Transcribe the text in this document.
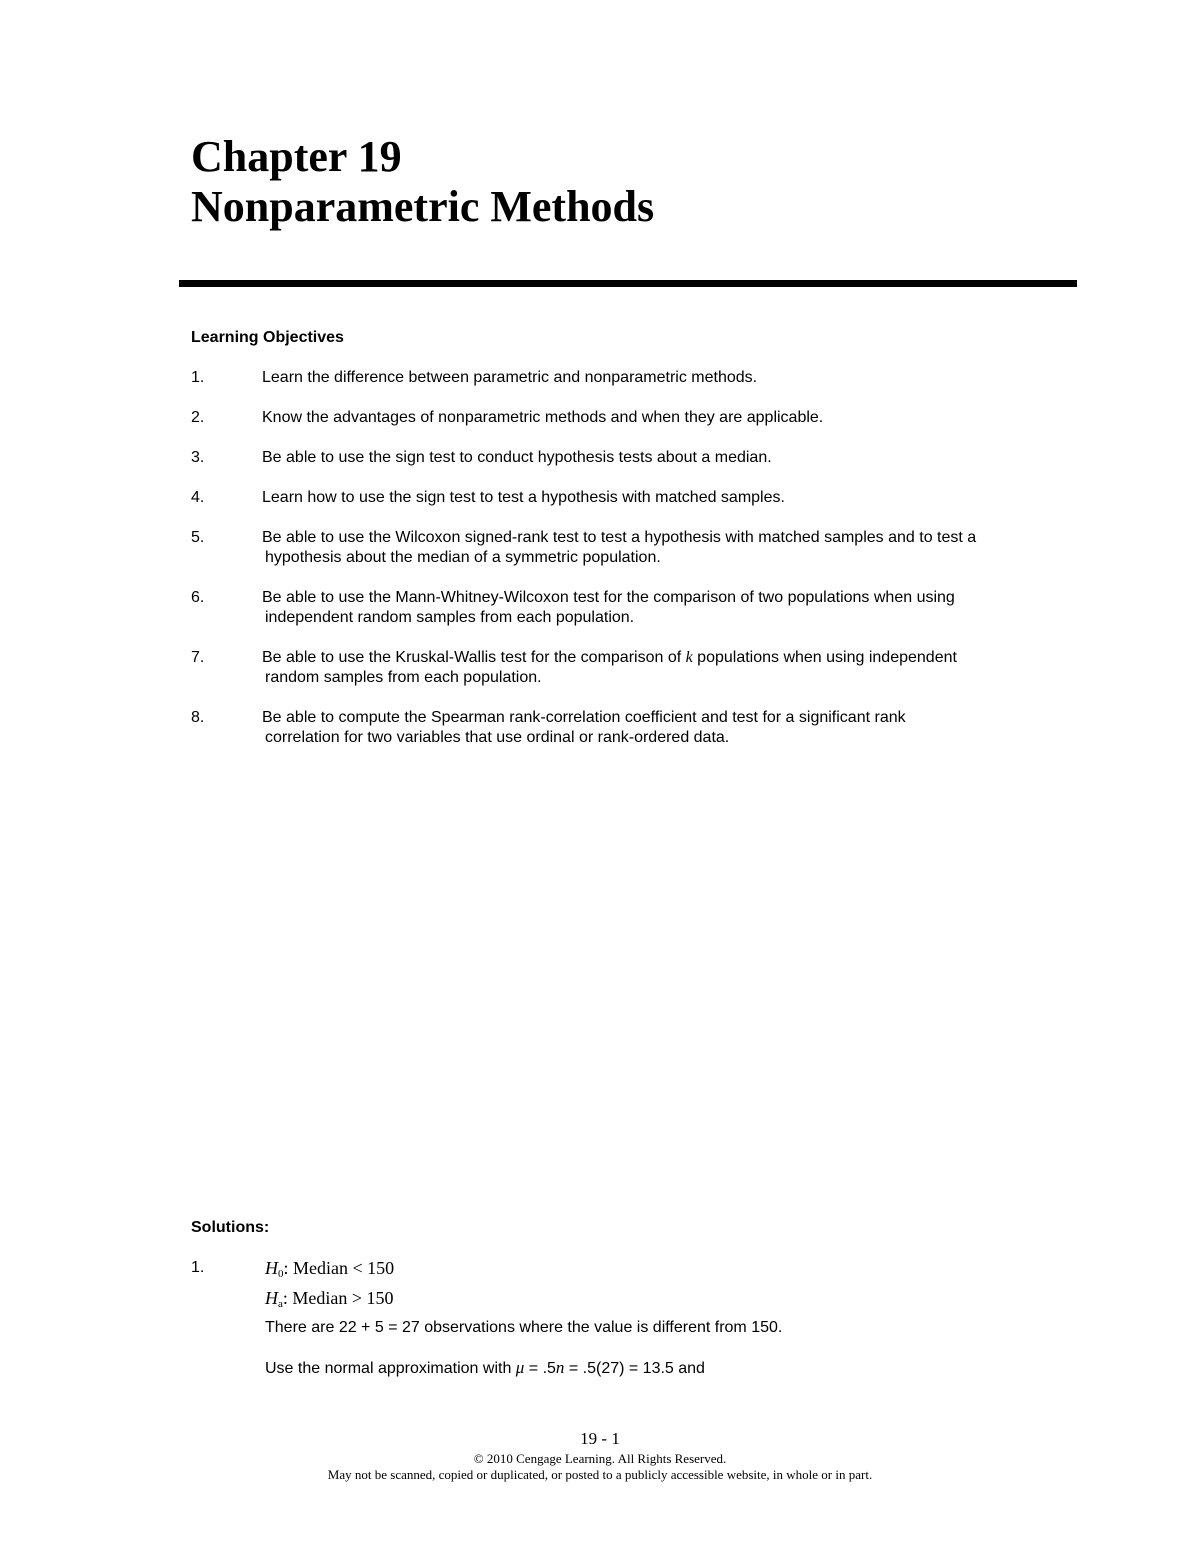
Chapter 19
Nonparametric Methods
Learning Objectives
1.	Learn the difference between parametric and nonparametric methods.
2.	Know the advantages of nonparametric methods and when they are applicable.
3.	Be able to use the sign test to conduct hypothesis tests about a median.
4.	Learn how to use the sign test to test a hypothesis with matched samples.
5.	Be able to use the Wilcoxon signed-rank test to test a hypothesis with matched samples and to test a
hypothesis about the median of a symmetric population.
6.	Be able to use the Mann-Whitney-Wilcoxon test for the comparison of two populations when using
independent random samples from each population.
7.	Be able to use the Kruskal-Wallis test for the comparison of k populations when using independent
random samples from each population.
8.	Be able to compute the Spearman rank-correlation coefficient and test for a significant rank
correlation for two variables that use ordinal or rank-ordered data.
Solutions:
1.	$H_0$: Median < 150
$H_a$: Median > 150
There are 22 + 5 = 27 observations where the value is different from 150.
Use the normal approximation with μ = .5n = .5(27) = 13.5 and
19 - 1
© 2010 Cengage Learning. All Rights Reserved.
May not be scanned, copied or duplicated, or posted to a publicly accessible website, in whole or in part.
